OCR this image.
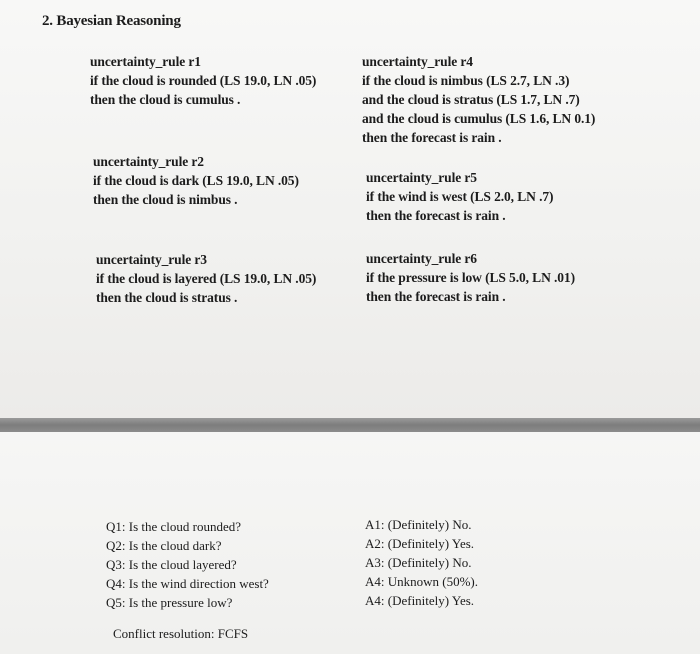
2. Bayesian Reasoning
uncertainty_rule r1
if the cloud is rounded (LS 19.0, LN .05)
then the cloud is cumulus .
uncertainty_rule r2
if the cloud is dark (LS 19.0, LN .05)
then the cloud is nimbus .
uncertainty_rule r3
if the cloud is layered (LS 19.0, LN .05)
then the cloud is stratus .
uncertainty_rule r4
if the cloud is nimbus (LS 2.7, LN .3)
and the cloud is stratus (LS 1.7, LN .7)
and the cloud is cumulus (LS 1.6, LN 0.1)
then the forecast is rain .
uncertainty_rule r5
if the wind is west (LS 2.0, LN .7)
then the forecast is rain .
uncertainty_rule r6
if the pressure is low (LS 5.0, LN .01)
then the forecast is rain .
Q1: Is the cloud rounded?
Q2: Is the cloud dark?
Q3: Is the cloud layered?
Q4: Is the wind direction west?
Q5: Is the pressure low?
A1: (Definitely) No.
A2: (Definitely) Yes.
A3: (Definitely) No.
A4: Unknown (50%).
A4: (Definitely) Yes.
Conflict resolution: FCFS
